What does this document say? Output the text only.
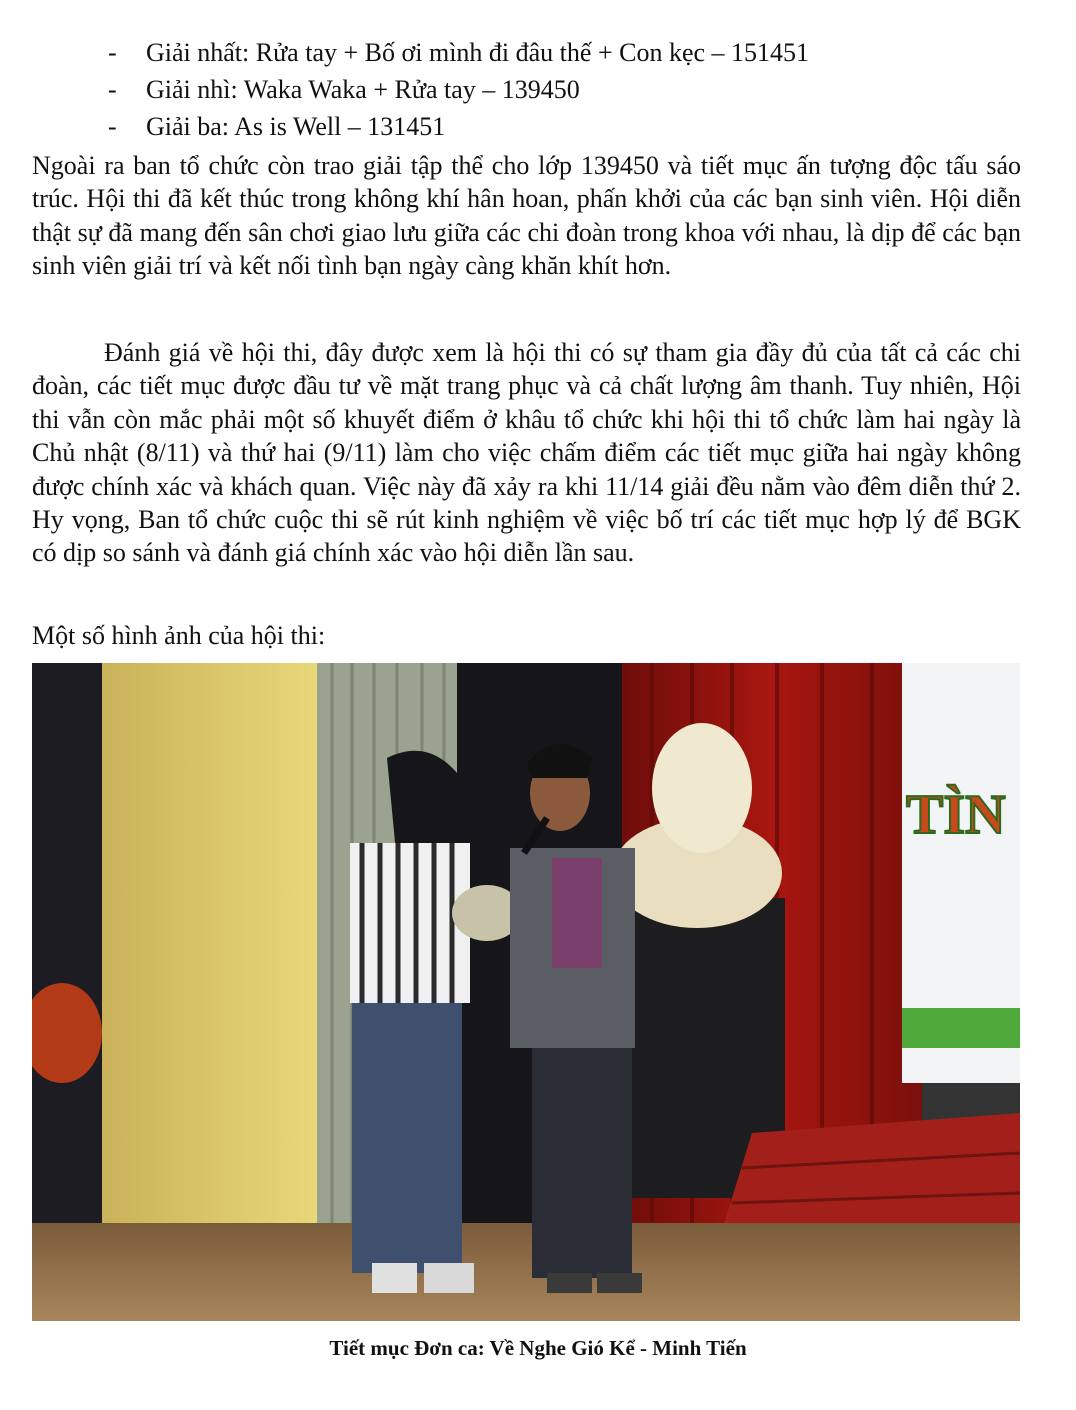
- Giải nhất: Rửa tay + Bố ơi mình đi đâu thế + Con kẹc – 151451
- Giải nhì: Waka Waka + Rửa tay – 139450
- Giải ba: As is Well – 131451

Ngoài ra ban tổ chức còn trao giải tập thể cho lớp 139450 và tiết mục ấn tượng độc tấu sáo trúc. Hội thi đã kết thúc trong không khí hân hoan, phấn khởi của các bạn sinh viên. Hội diễn thật sự đã mang đến sân chơi giao lưu giữa các chi đoàn trong khoa với nhau, là dịp để các bạn sinh viên giải trí và kết nối tình bạn ngày càng khăn khít hơn.

Đánh giá về hội thi, đây được xem là hội thi có sự tham gia đầy đủ của tất cả các chi đoàn, các tiết mục được đầu tư về mặt trang phục và cả chất lượng âm thanh. Tuy nhiên, Hội thi vẫn còn mắc phải một số khuyết điểm ở khâu tổ chức khi hội thi tổ chức làm hai ngày là Chủ nhật (8/11) và thứ hai (9/11) làm cho việc chấm điểm các tiết mục giữa hai ngày không được chính xác và khách quan. Việc này đã xảy ra khi 11/14 giải đều nằm vào đêm diễn thứ 2. Hy vọng, Ban tổ chức cuộc thi sẽ rút kinh nghiệm về việc bố trí các tiết mục hợp lý để BGK có dịp so sánh và đánh giá chính xác vào hội diễn lần sau.

Một số hình ảnh của hội thi:

TÌN
Tiết mục Đơn ca: Về Nghe Gió Kể - Minh Tiến
